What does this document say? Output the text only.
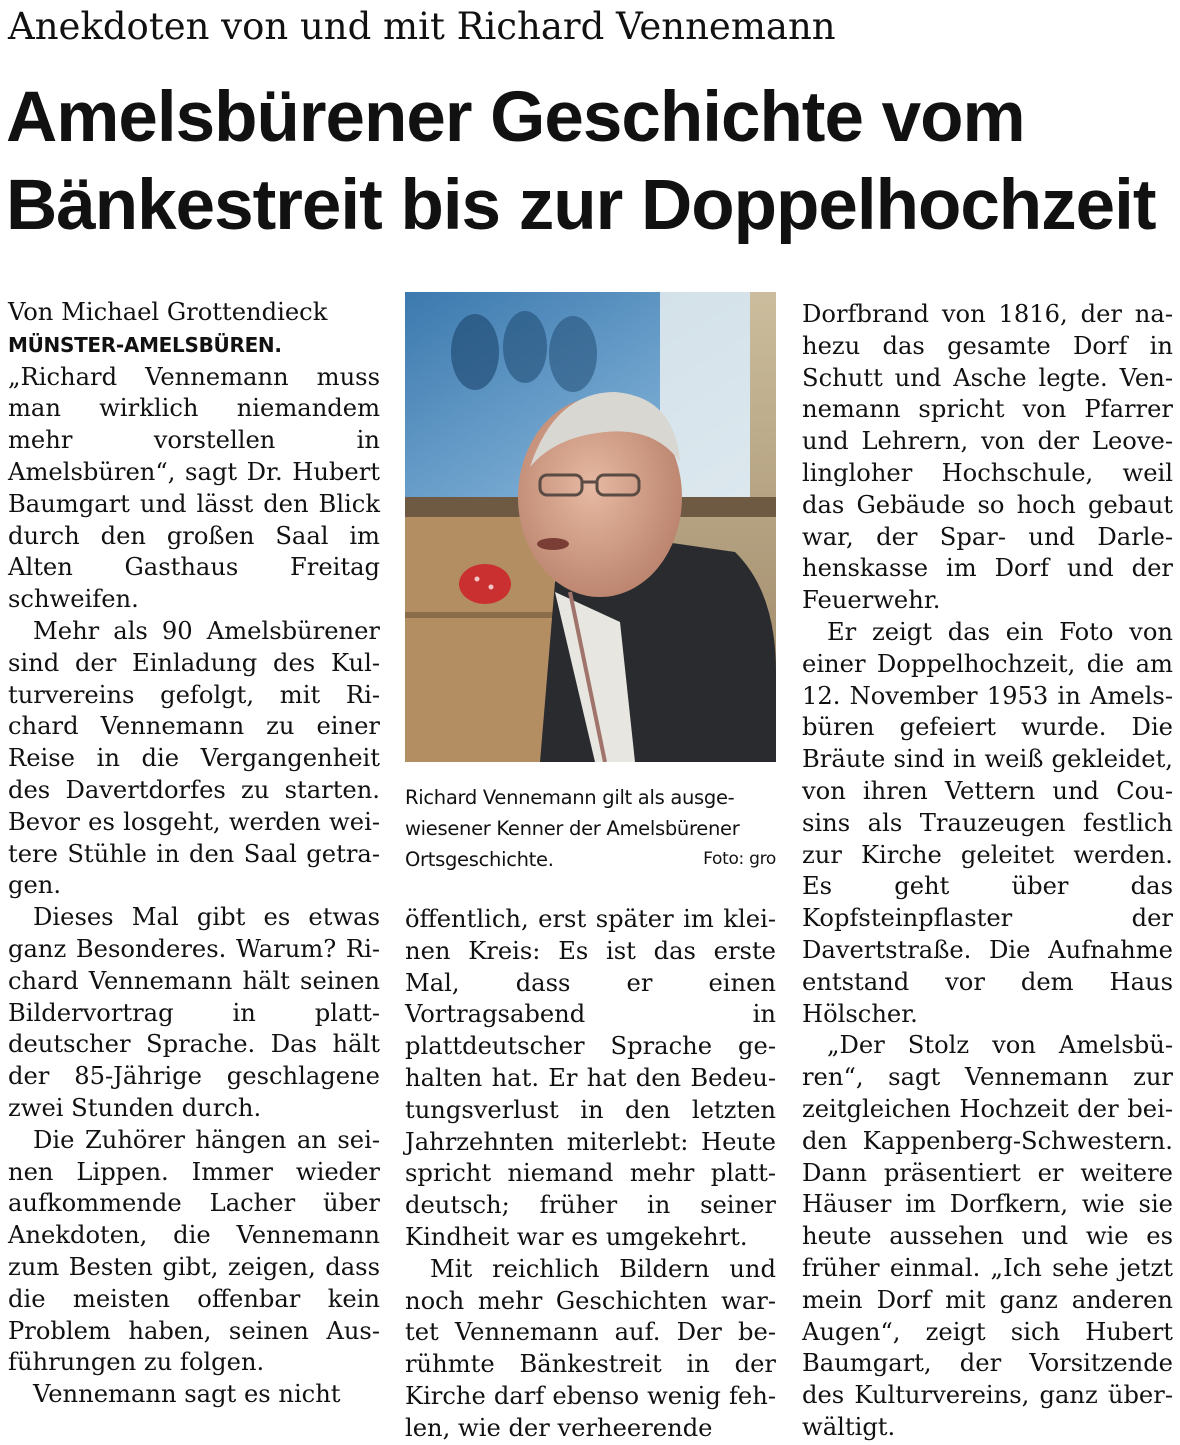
Anekdoten von und mit Richard Vennemann
Amelsbürener Geschichte vom
Bänkestreit bis zur Doppelhochzeit

Von Michael Grottendieck

MÜNSTER-AMELSBÜREN. „Richard Vennemann muss man wirklich niemandem mehr vorstellen in Amelsbüren“, sagt Dr. Hubert Baumgart und lässt den Blick durch den großen Saal im Alten Gasthaus Freitag schweifen.

Mehr als 90 Amelsbürener sind der Einladung des Kulturvereins gefolgt, mit Richard Vennemann zu einer Reise in die Vergangenheit des Davertdorfes zu starten. Bevor es losgeht, werden weitere Stühle in den Saal getragen.

Dieses Mal gibt es etwas ganz Besonderes. Warum? Richard Vennemann hält seinen Bildervortrag in plattdeutscher Sprache. Das hält der 85-Jährige geschlagene zwei Stunden durch.

Die Zuhörer hängen an seinen Lippen. Immer wieder aufkommende Lacher über Anekdoten, die Vennemann zum Besten gibt, zeigen, dass die meisten offenbar kein Problem haben, seinen Ausführungen zu folgen.

Vennemann sagt es nicht

Richard Vennemann gilt als ausgewiesener Kenner der Amelsbürener Ortsgeschichte.	Foto: gro

öffentlich, erst später im kleinen Kreis: Es ist das erste Mal, dass er einen Vortragsabend in plattdeutscher Sprache gehalten hat. Er hat den Bedeutungsverlust in den letzten Jahrzehnten miterlebt: Heute spricht niemand mehr plattdeutsch; früher in seiner Kindheit war es umgekehrt.

Mit reichlich Bildern und noch mehr Geschichten wartet Vennemann auf. Der berühmte Bänkestreit in der Kirche darf ebenso wenig fehlen, wie der verheerende

Dorfbrand von 1816, der nahezu das gesamte Dorf in Schutt und Asche legte. Vennemann spricht von Pfarrer und Lehrern, von der Leovelingloher Hochschule, weil das Gebäude so hoch gebaut war, der Spar- und Darlehenskasse im Dorf und der Feuerwehr.

Er zeigt das ein Foto von einer Doppelhochzeit, die am 12. November 1953 in Amelsbüren gefeiert wurde. Die Bräute sind in weiß gekleidet, von ihren Vettern und Cousins als Trauzeugen festlich zur Kirche geleitet werden. Es geht über das Kopfsteinpflaster der Davertstraße. Die Aufnahme entstand vor dem Haus Hölscher.

„Der Stolz von Amelsbüren“, sagt Vennemann zur zeitgleichen Hochzeit der beiden Kappenberg-Schwestern. Dann präsentiert er weitere Häuser im Dorfkern, wie sie heute aussehen und wie es früher einmal. „Ich sehe jetzt mein Dorf mit ganz anderen Augen“, zeigt sich Hubert Baumgart, der Vorsitzende des Kulturvereins, ganz überwältigt.
